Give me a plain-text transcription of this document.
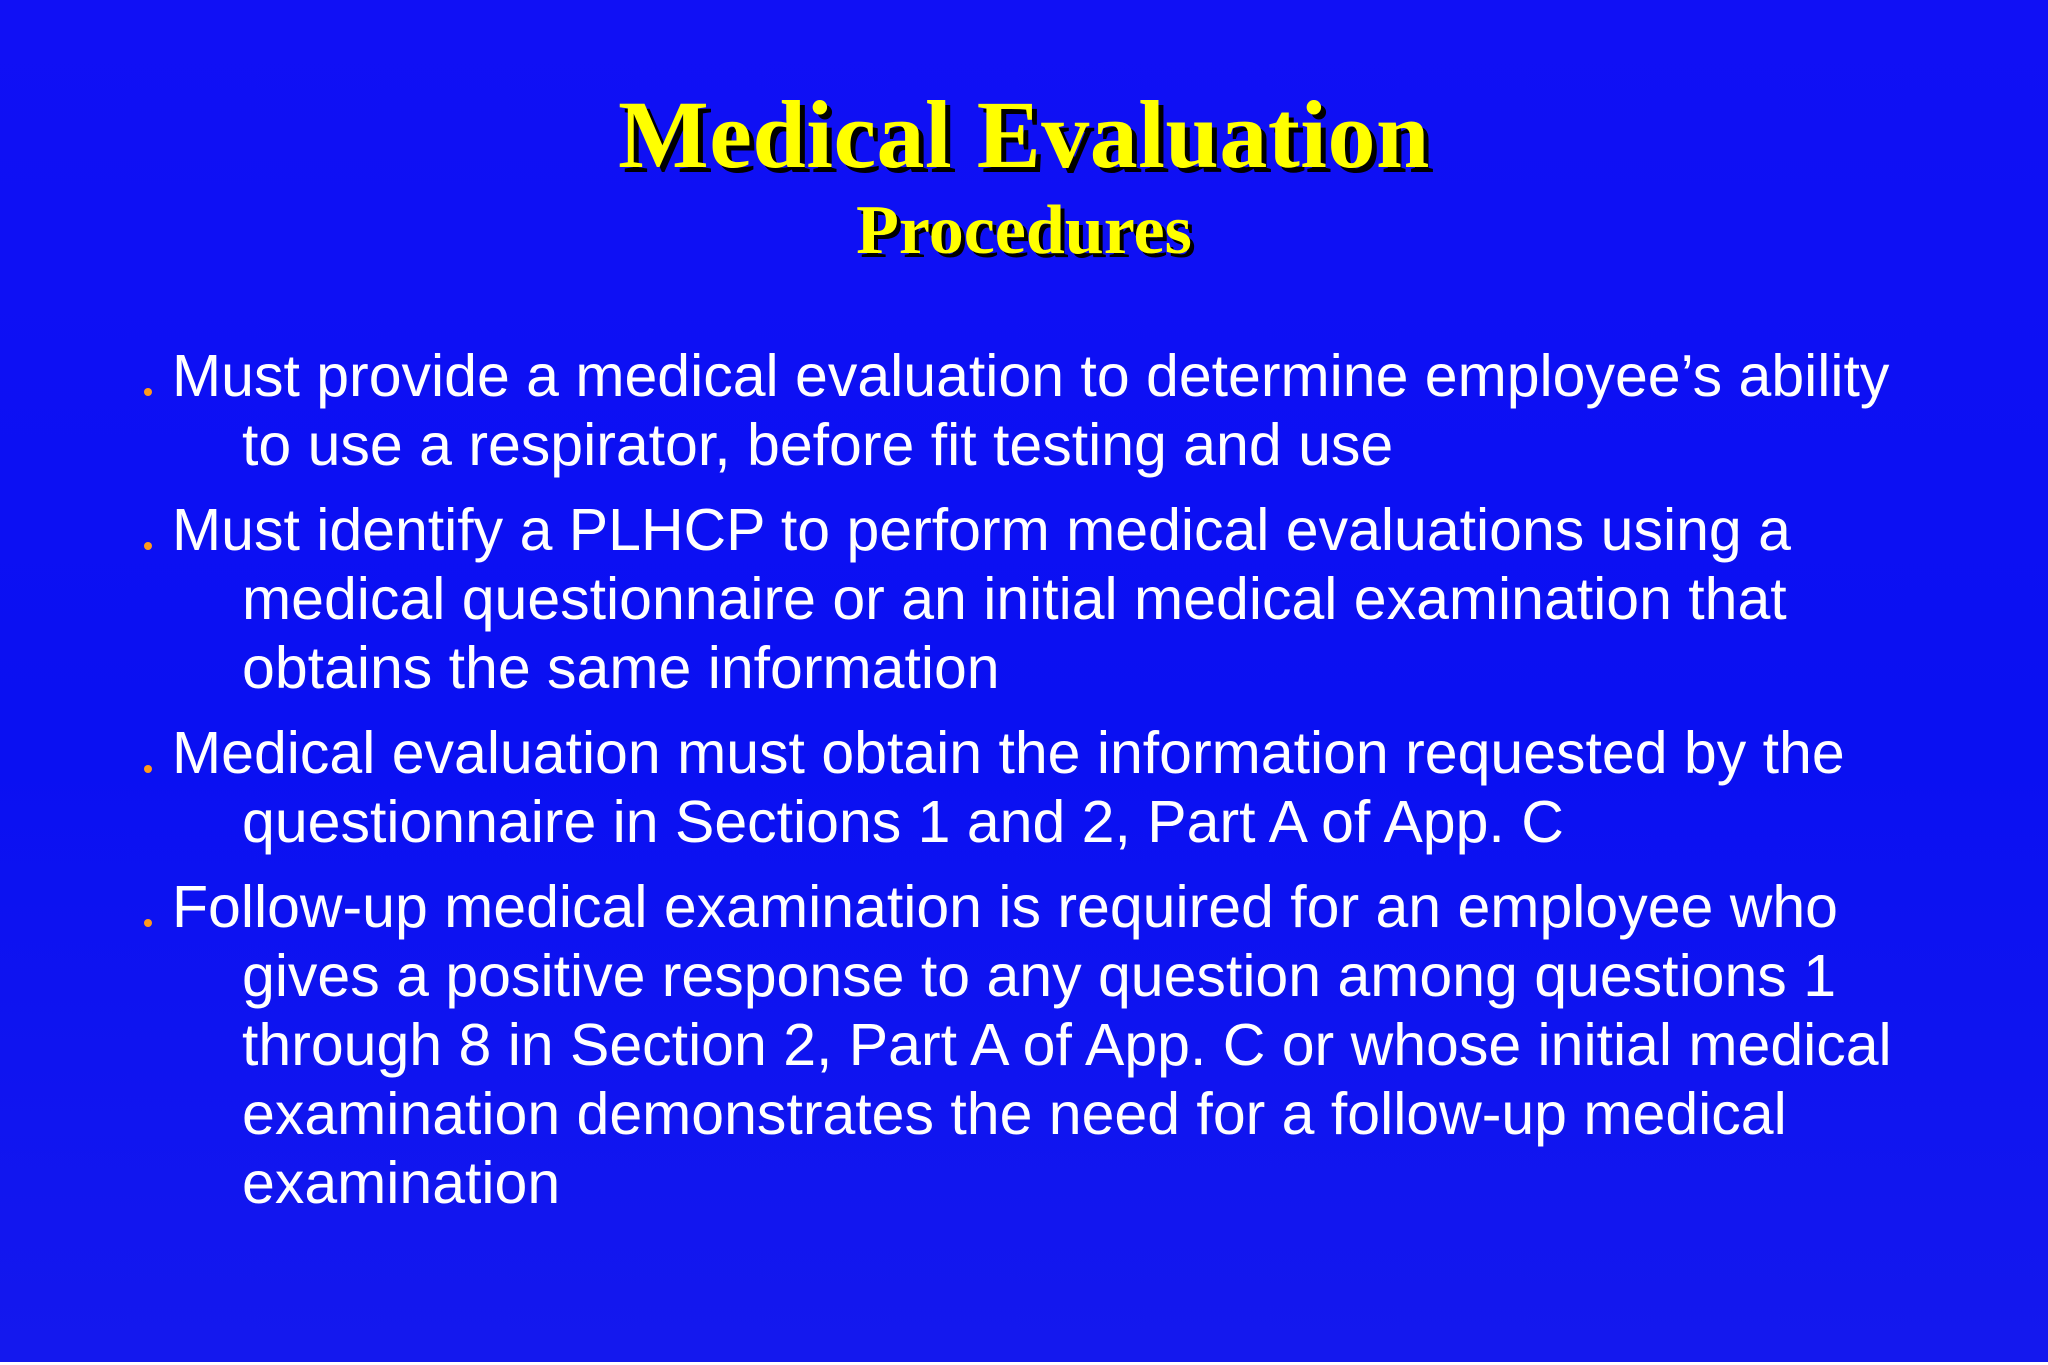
Medical Evaluation
Procedures

Must provide a medical evaluation to determine employee’s ability to use a respirator, before fit testing and use

Must identify a PLHCP to perform medical evaluations using a medical questionnaire or an initial medical examination that obtains the same information

Medical evaluation must obtain the information requested by the questionnaire in Sections 1 and 2, Part A of App. C

Follow-up medical examination is required for an employee who gives a positive response to any question among questions 1 through 8 in Section 2, Part A of App. C or whose initial medical examination demonstrates the need for a follow-up medical examination
